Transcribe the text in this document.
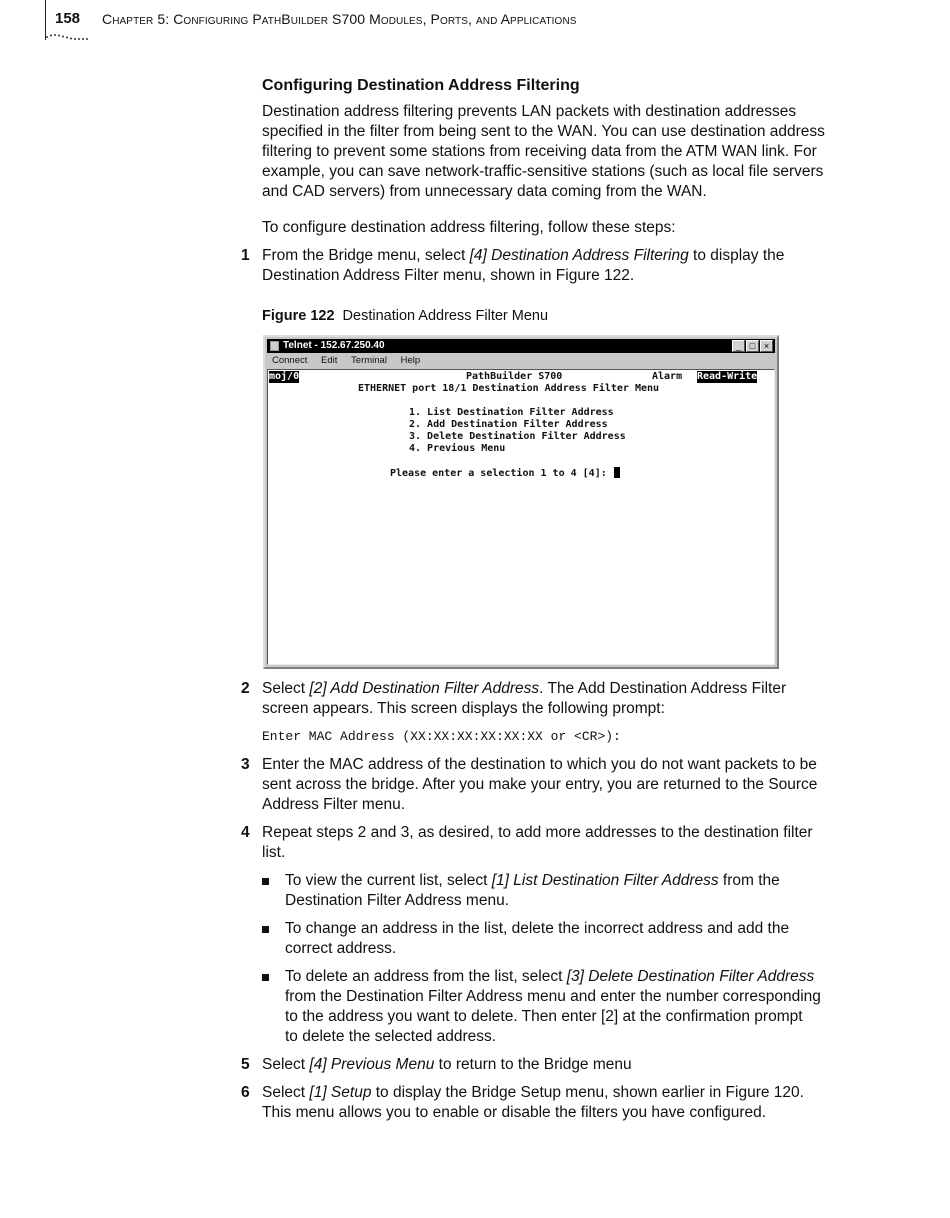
158 Chapter 5: Configuring PathBuilder S700 Modules, Ports, and Applications
Configuring Destination Address Filtering

Destination address filtering prevents LAN packets with destination addresses
specified in the filter from being sent to the WAN. You can use destination address
filtering to prevent some stations from receiving data from the ATM WAN link. For
example, you can save network-traffic-sensitive stations (such as local file servers
and CAD servers) from unnecessary data coming from the WAN.

To configure destination address filtering, follow these steps:

1 From the Bridge menu, select [4] Destination Address Filtering to display the
Destination Address Filter menu, shown in Figure 122.
Figure 122 Destination Address Filter Menu
Telnet - 152.67.250.40	_ □ ×
Connect Edit Terminal Help
moj/0	PathBuilder S700	Alarm Read-Write
ETHERNET port 18/1 Destination Address Filter Menu
1. List Destination Filter Address
2. Add Destination Filter Address
3. Delete Destination Filter Address
4. Previous Menu
Please enter a selection 1 to 4 [4]:
2 Select [2] Add Destination Filter Address. The Add Destination Address Filter
screen appears. This screen displays the following prompt:

Enter MAC Address (XX:XX:XX:XX:XX:XX or <CR>):

3 Enter the MAC address of the destination to which you do not want packets to be
sent across the bridge. After you make your entry, you are returned to the Source
Address Filter menu.
4 Repeat steps 2 and 3, as desired, to add more addresses to the destination filter
list.
To view the current list, select [1] List Destination Filter Address from the
Destination Filter Address menu.
To change an address in the list, delete the incorrect address and add the
correct address.
To delete an address from the list, select [3] Delete Destination Filter Address
from the Destination Filter Address menu and enter the number corresponding
to the address you want to delete. Then enter [2] at the confirmation prompt
to delete the selected address.
5 Select [4] Previous Menu to return to the Bridge menu
6 Select [1] Setup to display the Bridge Setup menu, shown earlier in Figure 120.
This menu allows you to enable or disable the filters you have configured.
